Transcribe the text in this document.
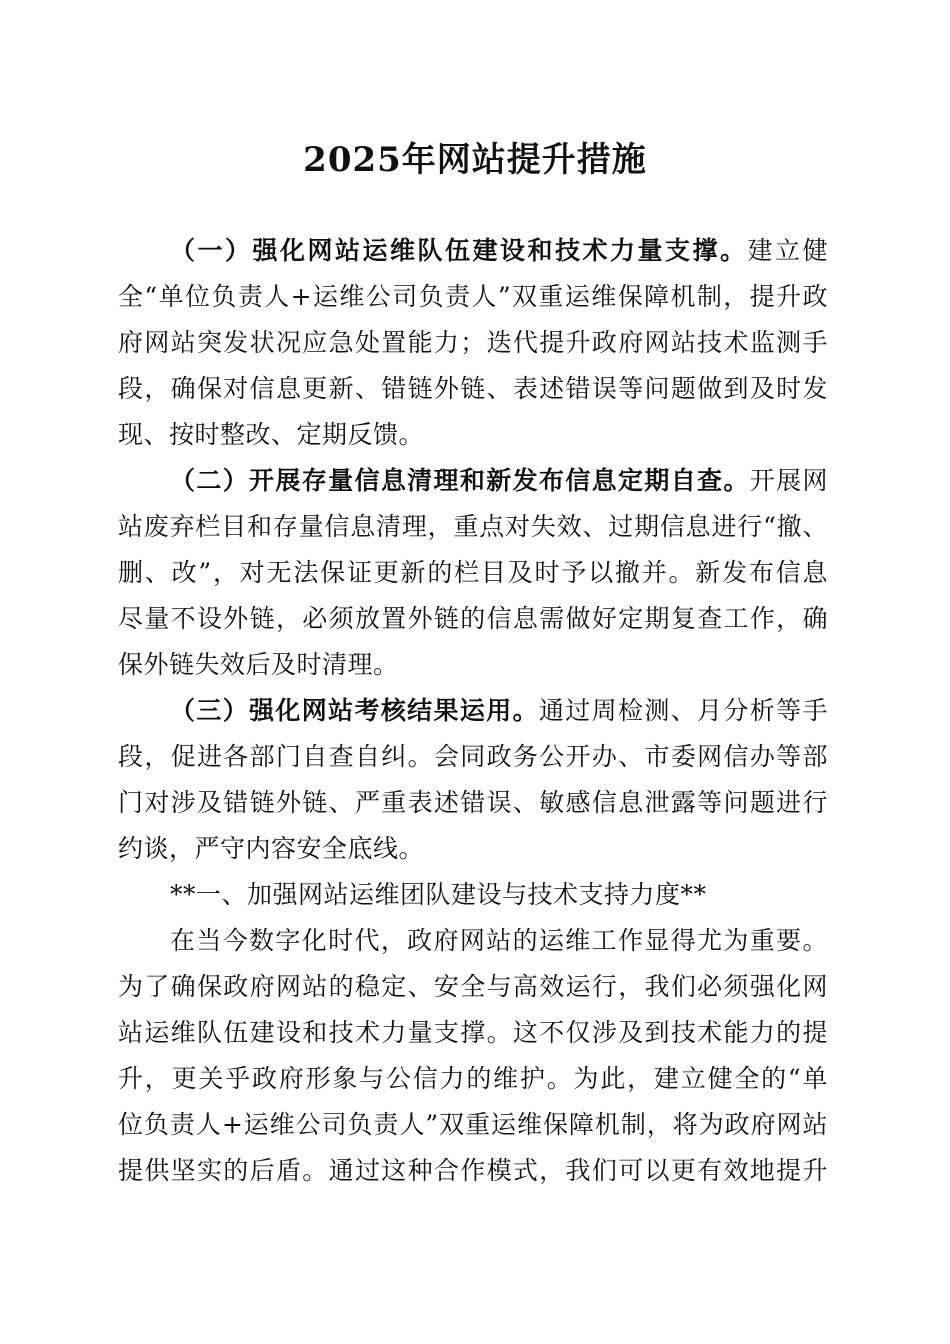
2025年网站提升措施
（一）强化网站运维队伍建设和技术力量支撑。建立健
全“单位负责人+运维公司负责人”双重运维保障机制，提升政
府网站突发状况应急处置能力；迭代提升政府网站技术监测手
段，确保对信息更新、错链外链、表述错误等问题做到及时发
现、按时整改、定期反馈。
（二）开展存量信息清理和新发布信息定期自查。开展网
站废弃栏目和存量信息清理，重点对失效、过期信息进行“撤、
删、改”，对无法保证更新的栏目及时予以撤并。新发布信息
尽量不设外链，必须放置外链的信息需做好定期复查工作，确
保外链失效后及时清理。
（三）强化网站考核结果运用。通过周检测、月分析等手
段，促进各部门自查自纠。会同政务公开办、市委网信办等部
门对涉及错链外链、严重表述错误、敏感信息泄露等问题进行
约谈，严守内容安全底线。
**一、加强网站运维团队建设与技术支持力度**
在当今数字化时代，政府网站的运维工作显得尤为重要。
为了确保政府网站的稳定、安全与高效运行，我们必须强化网
站运维队伍建设和技术力量支撑。这不仅涉及到技术能力的提
升，更关乎政府形象与公信力的维护。为此，建立健全的“单
位负责人+运维公司负责人”双重运维保障机制，将为政府网站
提供坚实的后盾。通过这种合作模式，我们可以更有效地提升
